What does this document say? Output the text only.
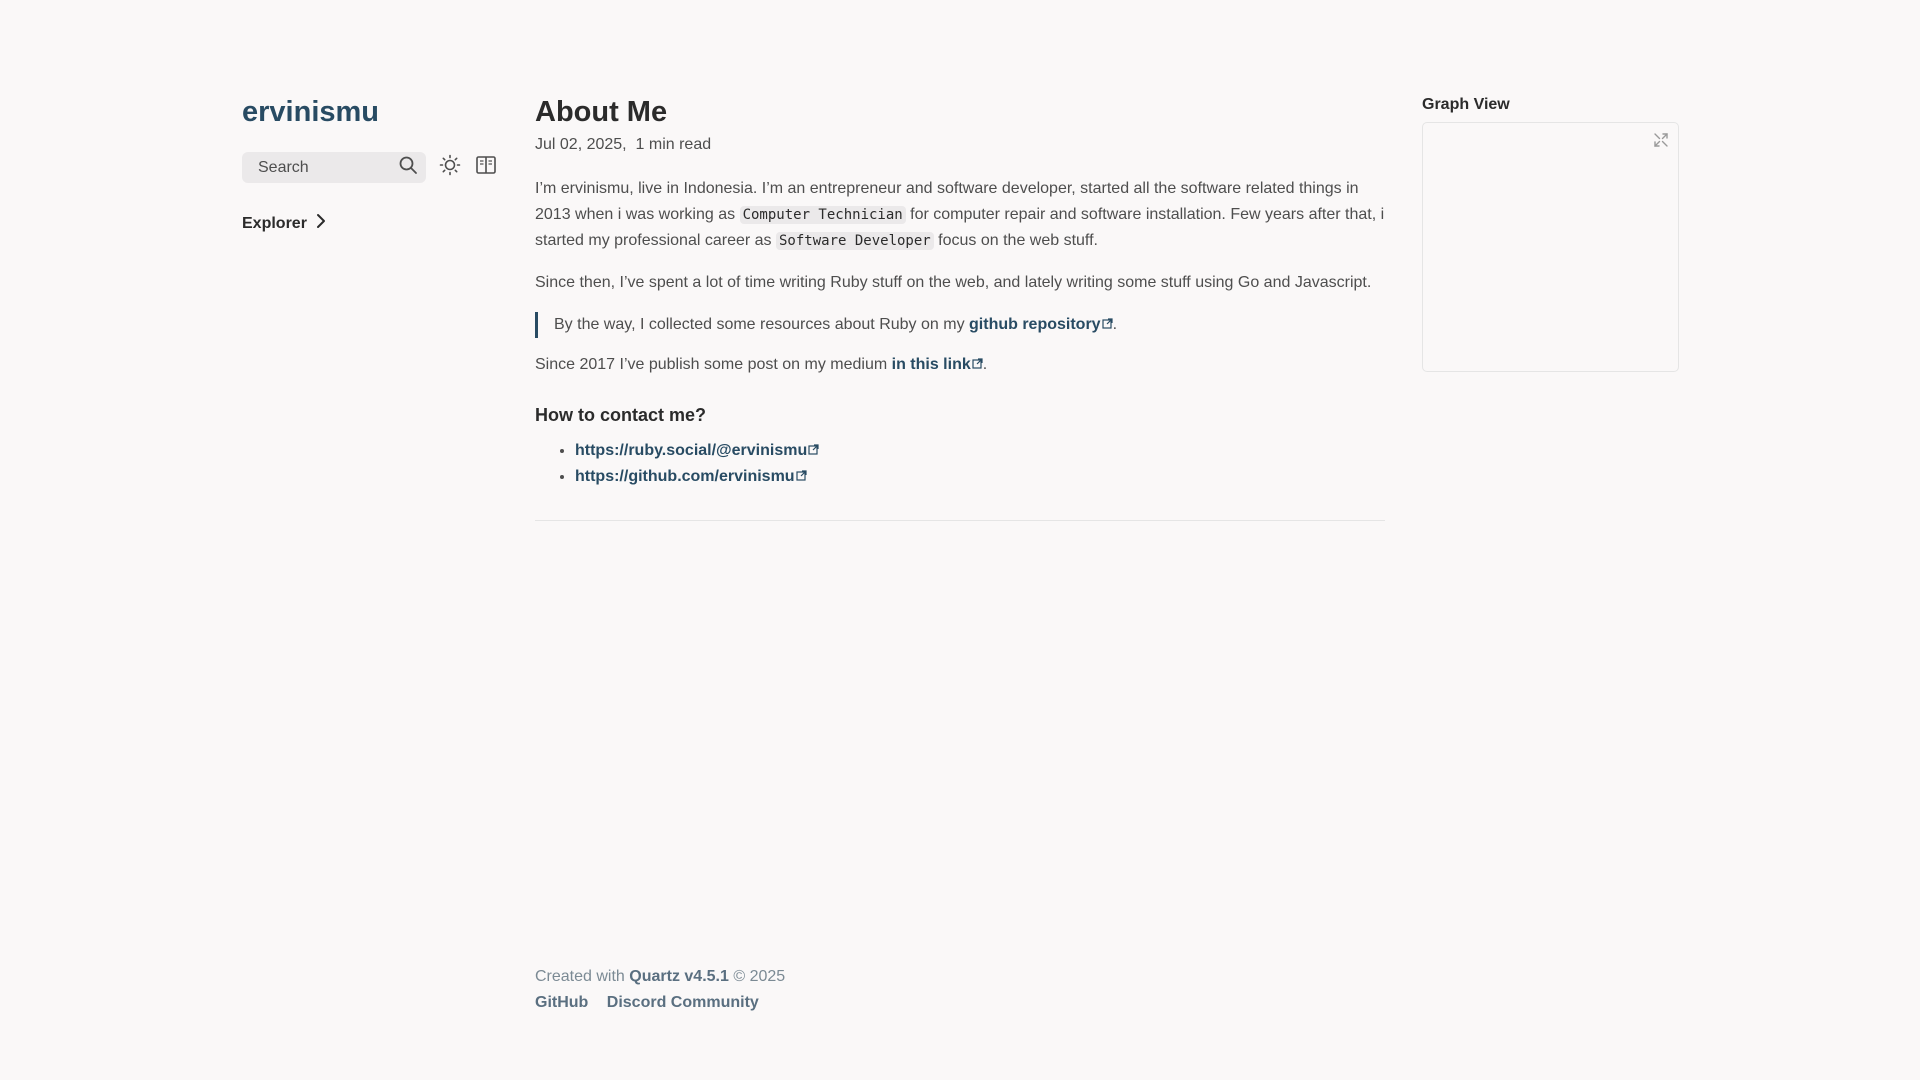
ervinismu
Search
Explorer
About Me
Jul 02, 2025, 1 min read

I’m ervinismu, live in Indonesia. I’m an entrepreneur and software developer, started all the software related things in 2013 when i was working as Computer Technician for computer repair and software installation. Few years after that, i started my professional career as Software Developer focus on the web stuff.

Since then, I’ve spent a lot of time writing Ruby stuff on the web, and lately writing some stuff using Go and Javascript.

By the way, I collected some resources about Ruby on my github repository .

Since 2017 I’ve publish some post on my medium in this link .

How to contact me?
• https://ruby.social/@ervinismu
• https://github.com/ervinismu
Created with Quartz v4.5.1 © 2025
GitHub Discord Community
Graph View
